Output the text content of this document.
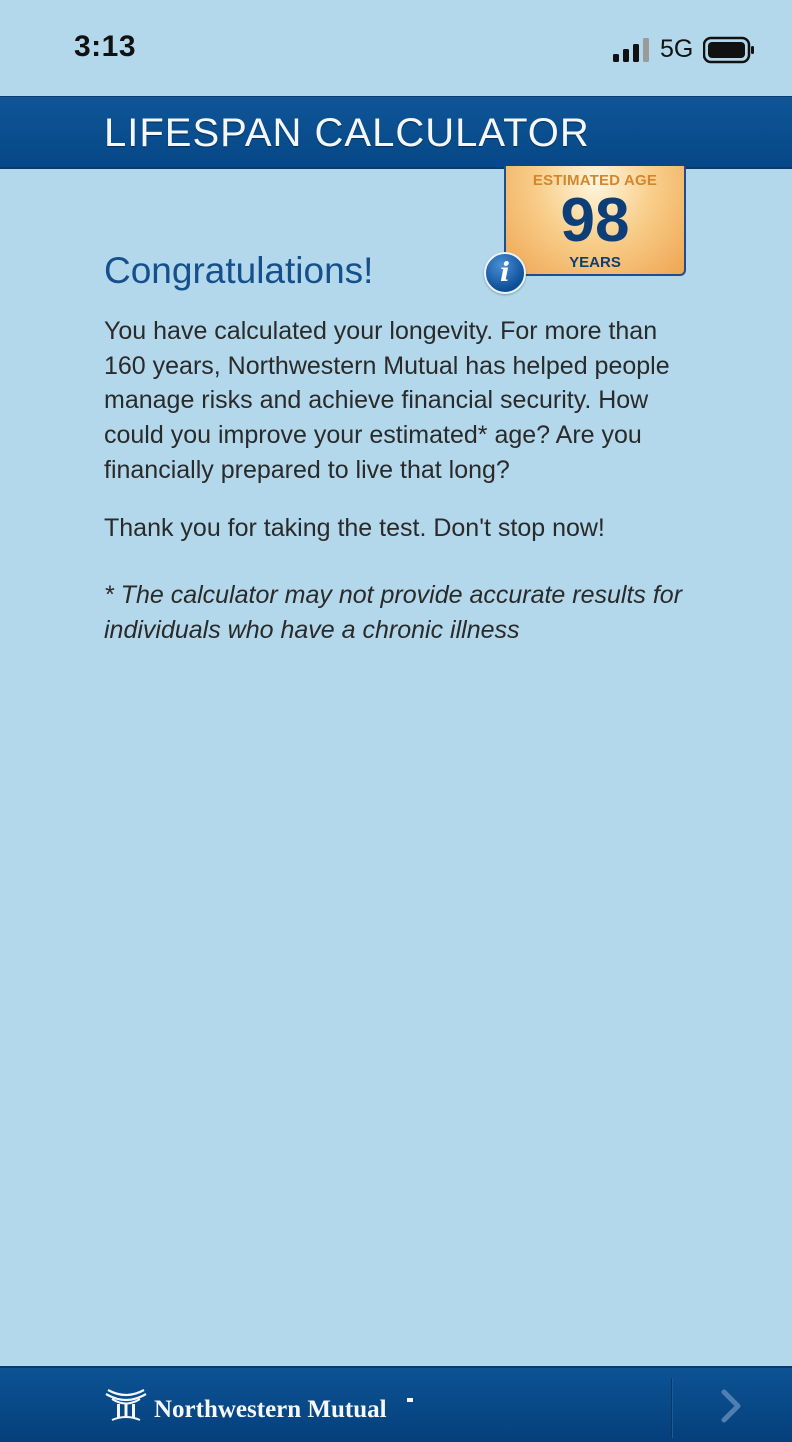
3:13	5G
LIFESPAN CALCULATOR
ESTIMATED AGE
98
YEARS
i
Congratulations!
You have calculated your longevity. For more than 160 years, Northwestern Mutual has helped people manage risks and achieve financial security. How could you improve your estimated* age? Are you financially prepared to live that long?
Thank you for taking the test. Don't stop now!
* The calculator may not provide accurate results for individuals who have a chronic illness
Northwestern Mutual
